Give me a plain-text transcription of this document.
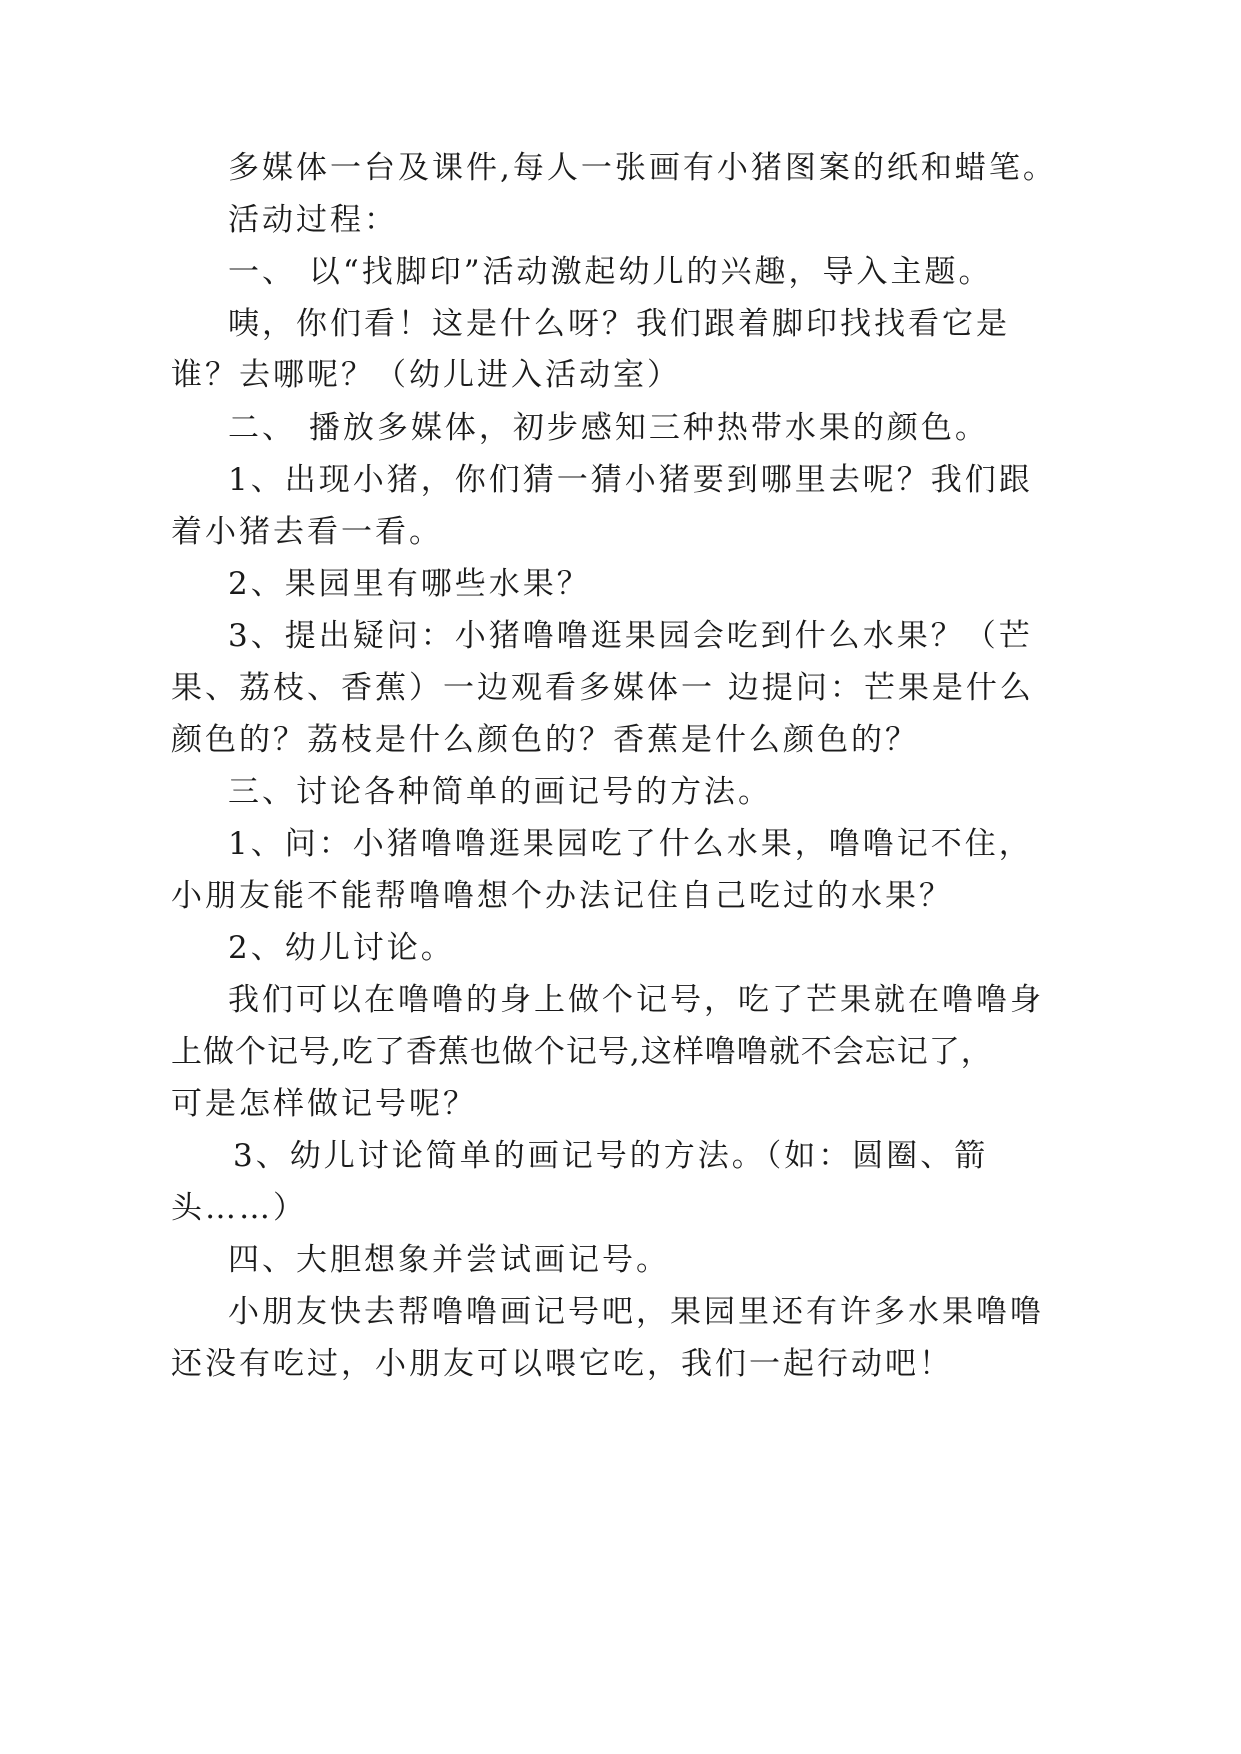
多媒体一台及课件,每人一张画有小猪图案的纸和蜡笔。

活动过程：

一、 以“找脚印”活动激起幼儿的兴趣，导入主题。

咦，你们看！这是什么呀？我们跟着脚印找找看它是

谁？去哪呢？（幼儿进入活动室）

二、 播放多媒体，初步感知三种热带水果的颜色。

1、出现小猪，你们猜一猜小猪要到哪里去呢？我们跟

着小猪去看一看。

2、果园里有哪些水果？

3、提出疑问：小猪噜噜逛果园会吃到什么水果？（芒

果、荔枝、香蕉）一边观看多媒体一 边提问：芒果是什么

颜色的？荔枝是什么颜色的？香蕉是什么颜色的？

三、讨论各种简单的画记号的方法。

1、问：小猪噜噜逛果园吃了什么水果，噜噜记不住，

小朋友能不能帮噜噜想个办法记住自己吃过的水果？

2、幼儿讨论。

我们可以在噜噜的身上做个记号，吃了芒果就在噜噜身

上做个记号,吃了香蕉也做个记号,这样噜噜就不会忘记了，

可是怎样做记号呢？

3、幼儿讨论简单的画记号的方法。（如：圆圈、箭

头……）

四、大胆想象并尝试画记号。

小朋友快去帮噜噜画记号吧，果园里还有许多水果噜噜

还没有吃过，小朋友可以喂它吃，我们一起行动吧！
